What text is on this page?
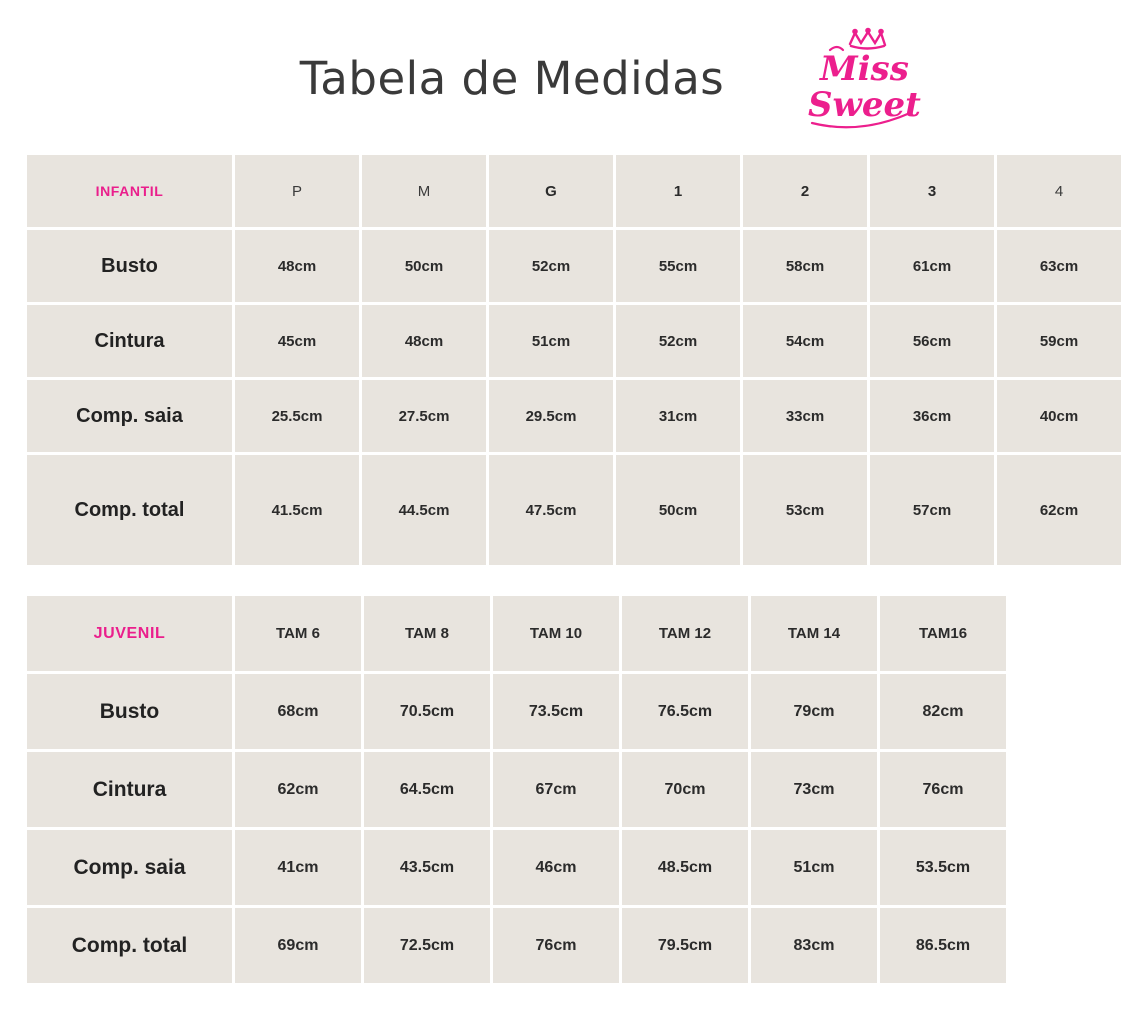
Tabela de Medidas	Miss
Sweet
INFANTIL	P	M	G	1	2	3	4
Busto	48cm	50cm	52cm	55cm	58cm	61cm	63cm
Cintura	45cm	48cm	51cm	52cm	54cm	56cm	59cm
Comp. saia	25.5cm	27.5cm	29.5cm	31cm	33cm	36cm	40cm
Comp. total	41.5cm	44.5cm	47.5cm	50cm	53cm	57cm	62cm
JUVENIL	TAM 6	TAM 8	TAM 10	TAM 12	TAM 14	TAM16
Busto	68cm	70.5cm	73.5cm	76.5cm	79cm	82cm
Cintura	62cm	64.5cm	67cm	70cm	73cm	76cm
Comp. saia	41cm	43.5cm	46cm	48.5cm	51cm	53.5cm
Comp. total	69cm	72.5cm	76cm	79.5cm	83cm	86.5cm
